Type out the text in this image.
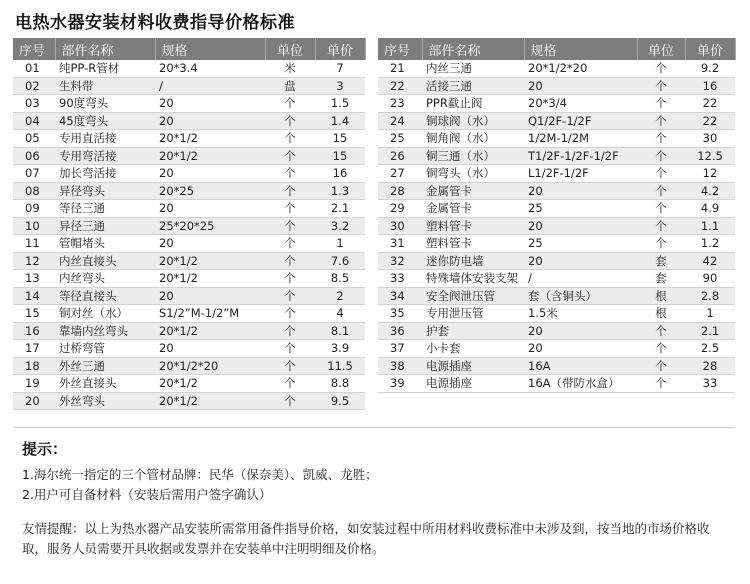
电热水器安装材料收费指导价格标准
序号	部件名称	规格	单位	单价
01	纯PP-R管材	20*3.4	米	7
02	生料带	/	盘	3
03	90度弯头	20	个	1.5
04	45度弯头	20	个	1.4
05	专用直活接	20*1/2	个	15
06	专用弯活接	20*1/2	个	15
07	加长弯活接	20	个	16
08	异径弯头	20*25	个	1.3
09	等径三通	20	个	2.1
10	异径三通	25*20*25	个	3.2
11	管帽堵头	20	个	1
12	内丝直接头	20*1/2	个	7.6
13	内丝弯头	20*1/2	个	8.5
14	等径直接头	20	个	2
15	铜对丝（水）	S1/2”M-1/2”M	个	4
16	靠墙内丝弯头	20*1/2	个	8.1
17	过桥弯管	20	个	3.9
18	外丝三通	20*1/2*20	个	11.5
19	外丝直接头	20*1/2	个	8.8
20	外丝弯头	20*1/2	个	9.5
序号	部件名称	规格	单位	单价
21	内丝三通	20*1/2*20	个	9.2
22	活接三通	20	个	16
23	PPR截止阀	20*3/4	个	22
24	铜球阀（水）	Q1/2F-1/2F	个	22
25	铜角阀（水）	1/2M-1/2M	个	30
26	铜三通（水）	T1/2F-1/2F-1/2F	个	12.5
27	铜弯头（水）	L1/2F-1/2F	个	12
28	金属管卡	20	个	4.2
29	金属管卡	25	个	4.9
30	塑料管卡	20	个	1.1
31	塑料管卡	25	个	1.2
32	迷你防电墙	20	套	42
33	特殊墙体安装支架	/	套	90
34	安全阀泄压管	套（含铜头）	根	2.8
35	专用泄压管	1.5米	根	1
36	护套	20	个	2.1
37	小卡套	20	个	2.5
38	电源插座	16A	个	28
39	电源插座	16A（带防水盒）	个	33
提示：
1.海尔统一指定的三个管材品牌：民华（保奈美）、凯威、龙胜；
2.用户可自备材料（安装后需用户签字确认）
友情提醒：以上为热水器产品安装所需常用备件指导价格，如安装过程中所用材料收费标准中未涉及到，按当地的市场价格收取，服务人员需要开具收据或发票并在安装单中注明明细及价格。
